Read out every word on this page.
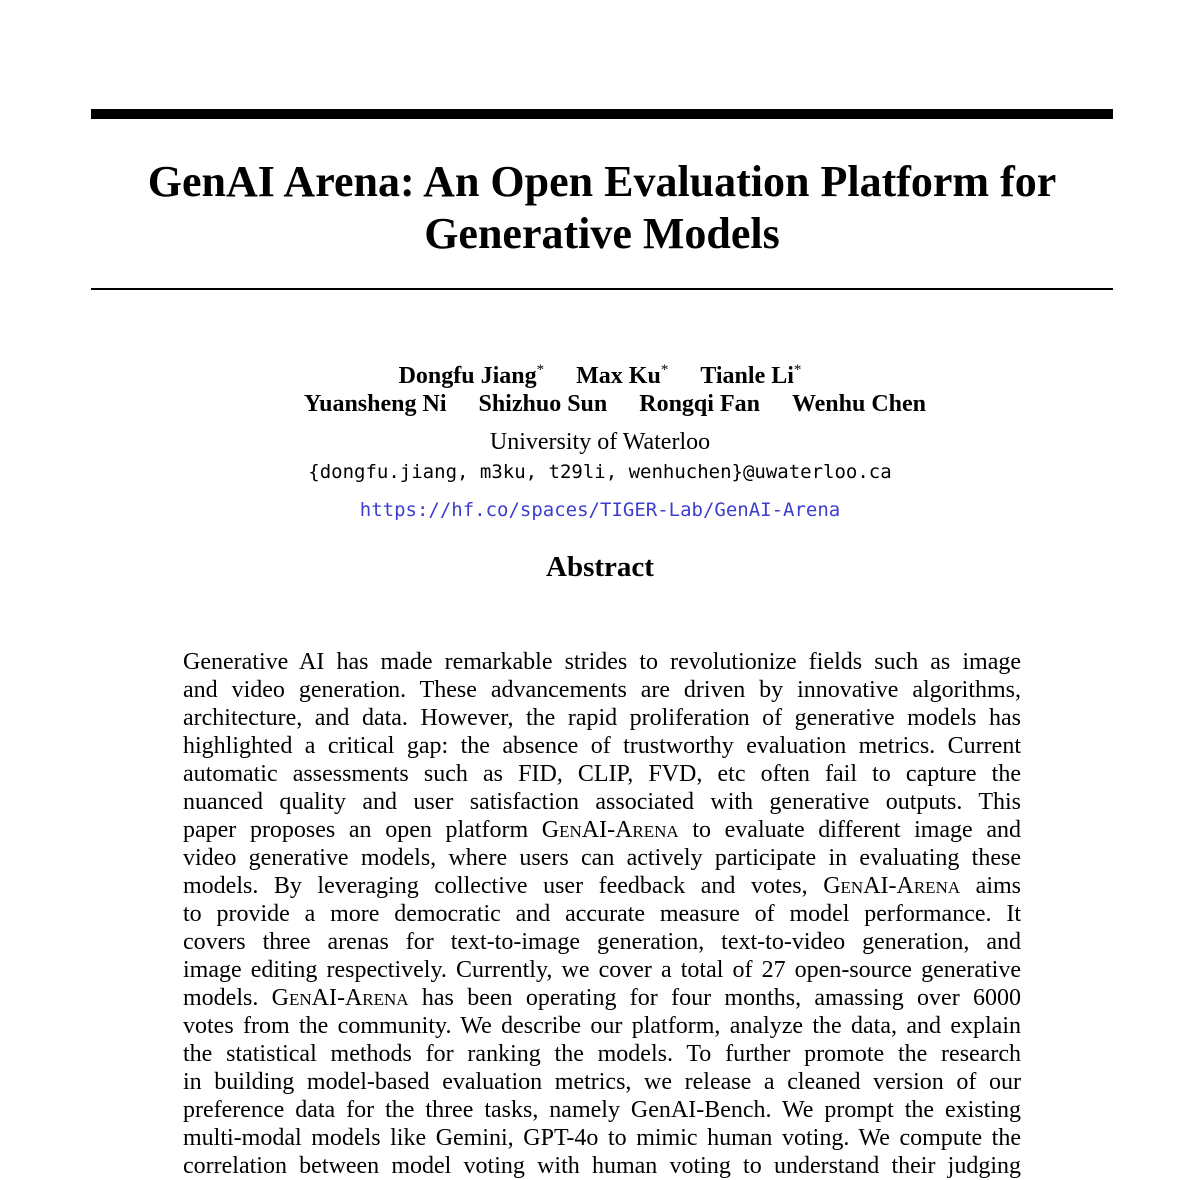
GenAI Arena: An Open Evaluation Platform for
Generative Models
Dongfu Jiang* Max Ku* Tianle Li*
Yuansheng Ni Shizhuo Sun Rongqi Fan Wenhu Chen
University of Waterloo
{dongfu.jiang, m3ku, t29li, wenhuchen}@uwaterloo.ca
https://hf.co/spaces/TIGER-Lab/GenAI-Arena
Abstract
Generative AI has made remarkable strides to revolutionize fields such as image
and video generation. These advancements are driven by innovative algorithms,
architecture, and data. However, the rapid proliferation of generative models has
highlighted a critical gap: the absence of trustworthy evaluation metrics. Current
automatic assessments such as FID, CLIP, FVD, etc often fail to capture the
nuanced quality and user satisfaction associated with generative outputs. This
paper proposes an open platform GenAI-Arena to evaluate different image and
video generative models, where users can actively participate in evaluating these
models. By leveraging collective user feedback and votes, GenAI-Arena aims
to provide a more democratic and accurate measure of model performance. It
covers three arenas for text-to-image generation, text-to-video generation, and
image editing respectively. Currently, we cover a total of 27 open-source generative
models. GenAI-Arena has been operating for four months, amassing over 6000
votes from the community. We describe our platform, analyze the data, and explain
the statistical methods for ranking the models. To further promote the research
in building model-based evaluation metrics, we release a cleaned version of our
preference data for the three tasks, namely GenAI-Bench. We prompt the existing
multi-modal models like Gemini, GPT-4o to mimic human voting. We compute the
correlation between model voting with human voting to understand their judging
